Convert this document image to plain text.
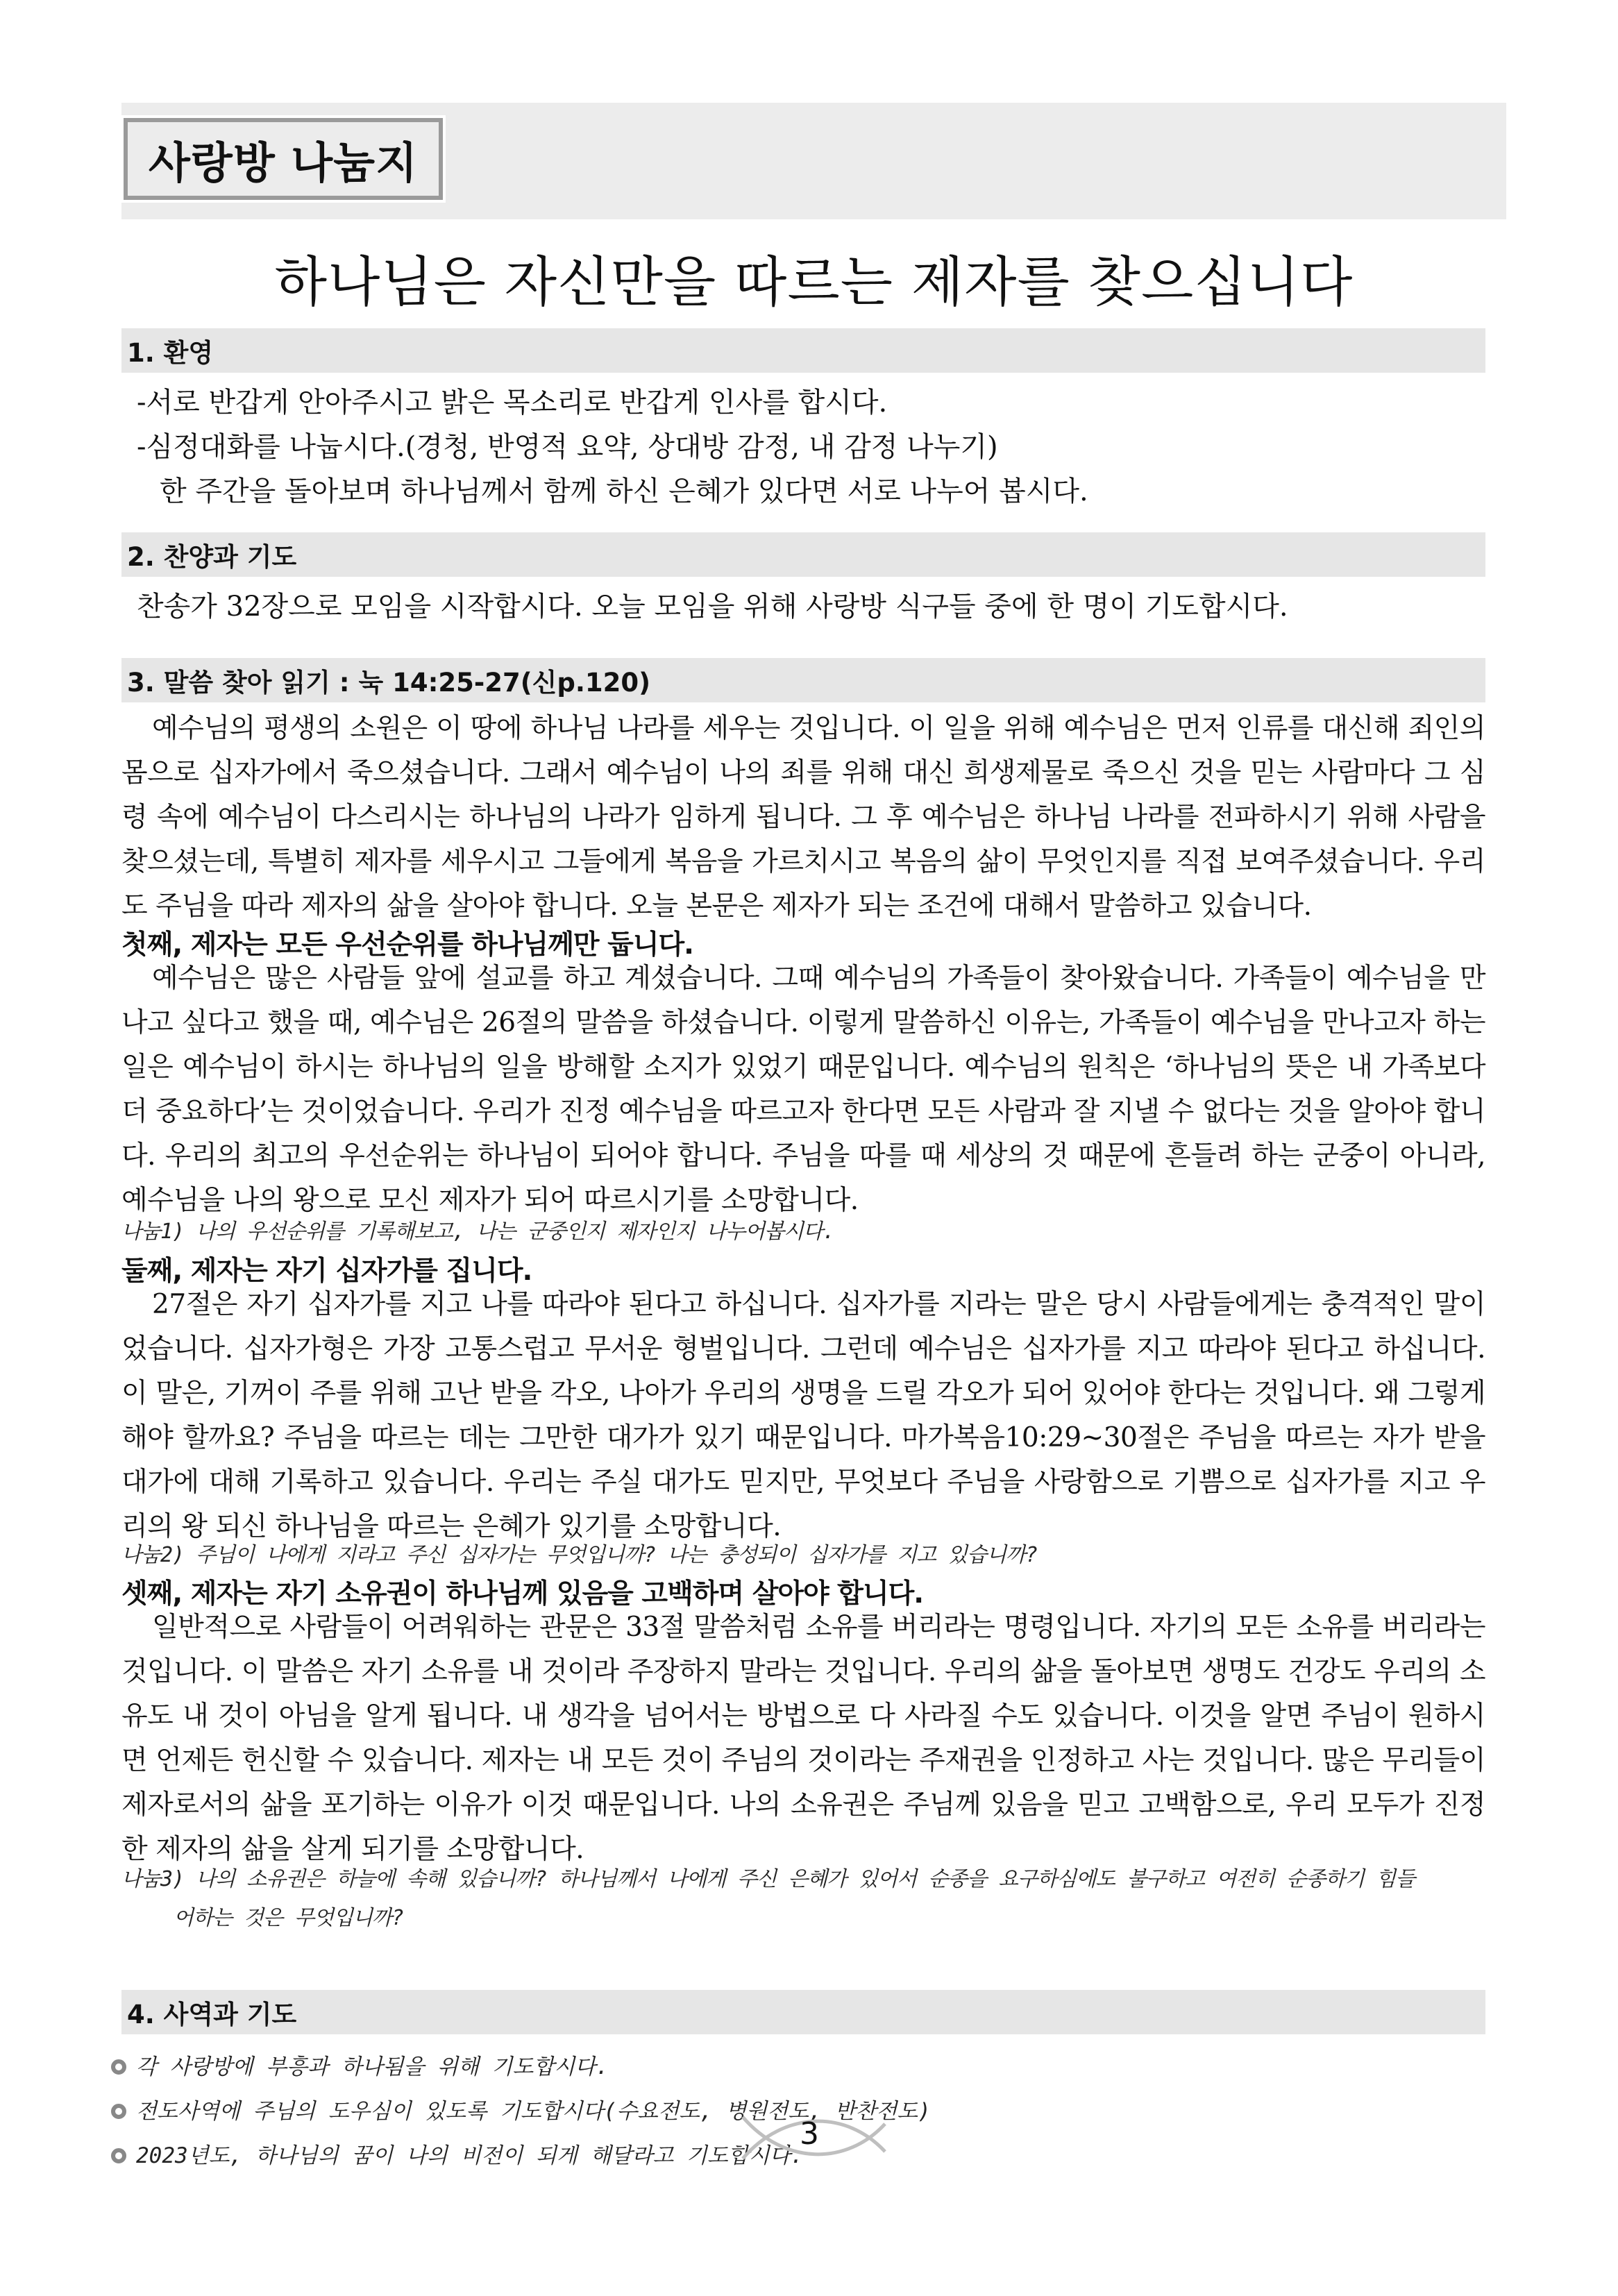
사랑방 나눔지
하나님은 자신만을 따르는 제자를 찾으십니다
1. 환영
-서로 반갑게 안아주시고 밝은 목소리로 반갑게 인사를 합시다.
-심정대화를 나눕시다.(경청, 반영적 요약, 상대방 감정, 내 감정 나누기)
한 주간을 돌아보며 하나님께서 함께 하신 은혜가 있다면 서로 나누어 봅시다.
2. 찬양과 기도
찬송가 32장으로 모임을 시작합시다. 오늘 모임을 위해 사랑방 식구들 중에 한 명이 기도합시다.
3. 말씀 찾아 읽기 : 눅 14:25-27(신p.120)
예수님의 평생의 소원은 이 땅에 하나님 나라를 세우는 것입니다. 이 일을 위해 예수님은 먼저 인류를 대신해 죄인의 몸으로 십자가에서 죽으셨습니다. 그래서 예수님이 나의 죄를 위해 대신 희생제물로 죽으신 것을 믿는 사람마다 그 심령 속에 예수님이 다스리시는 하나님의 나라가 임하게 됩니다. 그 후 예수님은 하나님 나라를 전파하시기 위해 사람을 찾으셨는데, 특별히 제자를 세우시고 그들에게 복음을 가르치시고 복음의 삶이 무엇인지를 직접 보여주셨습니다. 우리도 주님을 따라 제자의 삶을 살아야 합니다. 오늘 본문은 제자가 되는 조건에 대해서 말씀하고 있습니다.
첫째, 제자는 모든 우선순위를 하나님께만 둡니다.
예수님은 많은 사람들 앞에 설교를 하고 계셨습니다. 그때 예수님의 가족들이 찾아왔습니다. 가족들이 예수님을 만나고 싶다고 했을 때, 예수님은 26절의 말씀을 하셨습니다. 이렇게 말씀하신 이유는, 가족들이 예수님을 만나고자 하는 일은 예수님이 하시는 하나님의 일을 방해할 소지가 있었기 때문입니다. 예수님의 원칙은 ‘하나님의 뜻은 내 가족보다 더 중요하다’는 것이었습니다. 우리가 진정 예수님을 따르고자 한다면 모든 사람과 잘 지낼 수 없다는 것을 알아야 합니다. 우리의 최고의 우선순위는 하나님이 되어야 합니다. 주님을 따를 때 세상의 것 때문에 흔들려 하는 군중이 아니라, 예수님을 나의 왕으로 모신 제자가 되어 따르시기를 소망합니다.
나눔1) 나의 우선순위를 기록해보고, 나는 군중인지 제자인지 나누어봅시다.
둘째, 제자는 자기 십자가를 집니다.
27절은 자기 십자가를 지고 나를 따라야 된다고 하십니다. 십자가를 지라는 말은 당시 사람들에게는 충격적인 말이었습니다. 십자가형은 가장 고통스럽고 무서운 형벌입니다. 그런데 예수님은 십자가를 지고 따라야 된다고 하십니다. 이 말은, 기꺼이 주를 위해 고난 받을 각오, 나아가 우리의 생명을 드릴 각오가 되어 있어야 한다는 것입니다. 왜 그렇게 해야 할까요? 주님을 따르는 데는 그만한 대가가 있기 때문입니다. 마가복음10:29~30절은 주님을 따르는 자가 받을 대가에 대해 기록하고 있습니다. 우리는 주실 대가도 믿지만, 무엇보다 주님을 사랑함으로 기쁨으로 십자가를 지고 우리의 왕 되신 하나님을 따르는 은혜가 있기를 소망합니다.
나눔2) 주님이 나에게 지라고 주신 십자가는 무엇입니까? 나는 충성되이 십자가를 지고 있습니까?
셋째, 제자는 자기 소유권이 하나님께 있음을 고백하며 살아야 합니다.
일반적으로 사람들이 어려워하는 관문은 33절 말씀처럼 소유를 버리라는 명령입니다. 자기의 모든 소유를 버리라는 것입니다. 이 말씀은 자기 소유를 내 것이라 주장하지 말라는 것입니다. 우리의 삶을 돌아보면 생명도 건강도 우리의 소유도 내 것이 아님을 알게 됩니다. 내 생각을 넘어서는 방법으로 다 사라질 수도 있습니다. 이것을 알면 주님이 원하시면 언제든 헌신할 수 있습니다. 제자는 내 모든 것이 주님의 것이라는 주재권을 인정하고 사는 것입니다. 많은 무리들이 제자로서의 삶을 포기하는 이유가 이것 때문입니다. 나의 소유권은 주님께 있음을 믿고 고백함으로, 우리 모두가 진정한 제자의 삶을 살게 되기를 소망합니다.
나눔3) 나의 소유권은 하늘에 속해 있습니까? 하나님께서 나에게 주신 은혜가 있어서 순종을 요구하심에도 불구하고 여전히 순종하기 힘들
어하는 것은 무엇입니까?
4. 사역과 기도
각 사랑방에 부흥과 하나됨을 위해 기도합시다.
전도사역에 주님의 도우심이 있도록 기도합시다(수요전도, 병원전도, 반찬전도)
2023년도, 하나님의 꿈이 나의 비전이 되게 해달라고 기도합시다.
3
